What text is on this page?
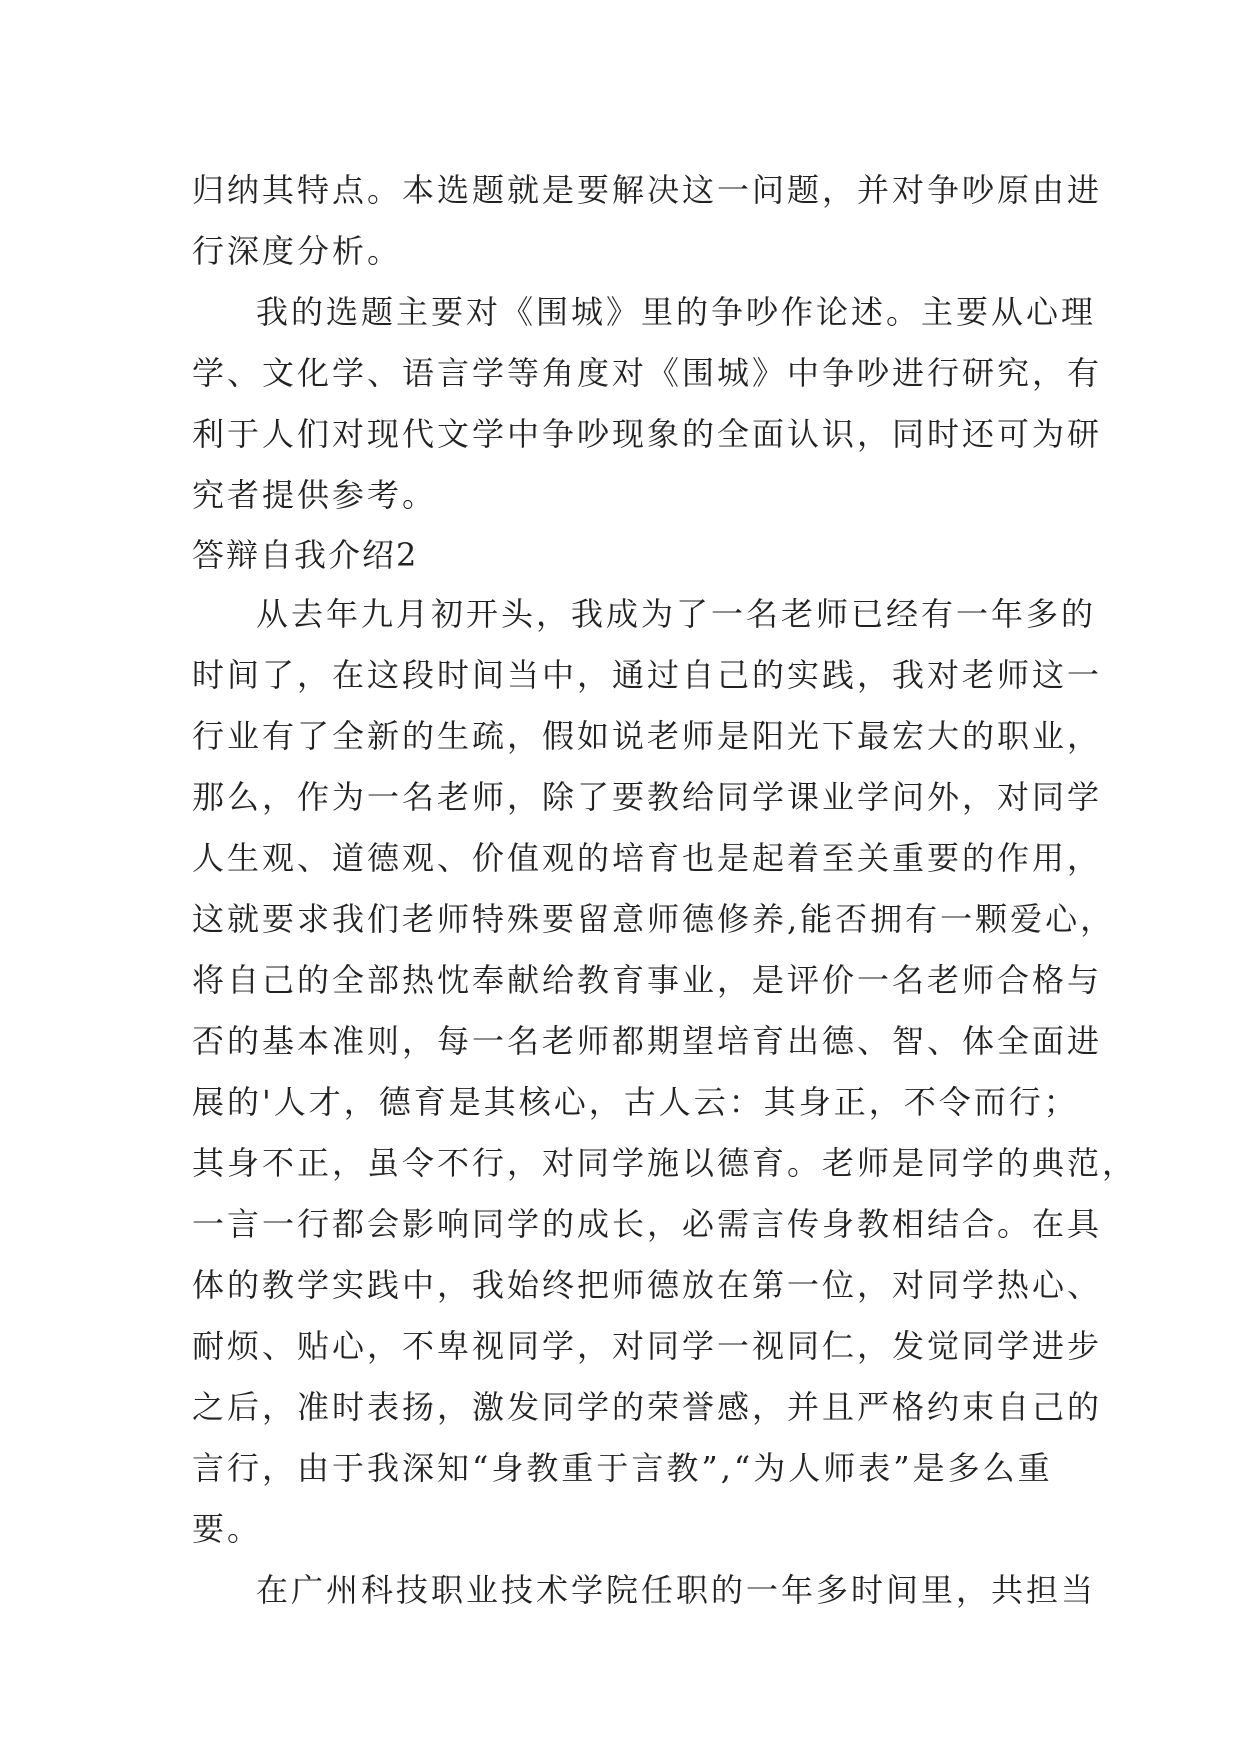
归纳其特点。本选题就是要解决这一问题，并对争吵原由进
行深度分析。
我的选题主要对《围城》里的争吵作论述。主要从心理
学、文化学、语言学等角度对《围城》中争吵进行研究，有
利于人们对现代文学中争吵现象的全面认识，同时还可为研
究者提供参考。
答辩自我介绍2
从去年九月初开头，我成为了一名老师已经有一年多的
时间了，在这段时间当中，通过自己的实践，我对老师这一
行业有了全新的生疏，假如说老师是阳光下最宏大的职业，
那么，作为一名老师，除了要教给同学课业学问外，对同学
人生观、道德观、价值观的培育也是起着至关重要的作用，
这就要求我们老师特殊要留意师德修养,能否拥有一颗爱心，
将自己的全部热忱奉献给教育事业，是评价一名老师合格与
否的基本准则，每一名老师都期望培育出德、智、体全面进
展的'人才，德育是其核心，古人云：其身正，不令而行；
其身不正，虽令不行，对同学施以德育。老师是同学的典范，
一言一行都会影响同学的成长，必需言传身教相结合。在具
体的教学实践中，我始终把师德放在第一位，对同学热心、
耐烦、贴心，不卑视同学，对同学一视同仁，发觉同学进步
之后，准时表扬，激发同学的荣誉感，并且严格约束自己的
言行，由于我深知“身教重于言教”,“为人师表”是多么重
要。
在广州科技职业技术学院任职的一年多时间里，共担当
